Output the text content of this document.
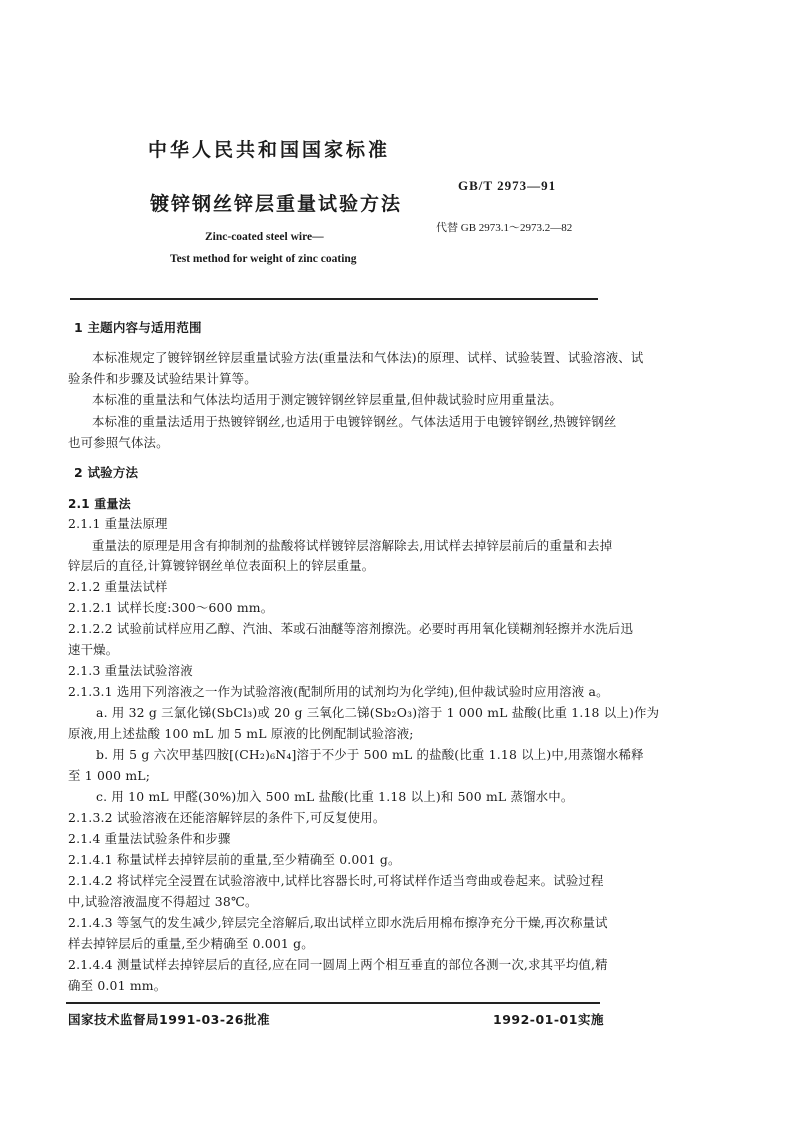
中华人民共和国国家标准
镀锌钢丝锌层重量试验方法
GB/T 2973—91
代替 GB 2973.1～2973.2—82
Zinc-coated steel wire—
Test method for weight of zinc coating
1 主题内容与适用范围
本标准规定了镀锌钢丝锌层重量试验方法(重量法和气体法)的原理、试样、试验装置、试验溶液、试
验条件和步骤及试验结果计算等。
本标准的重量法和气体法均适用于测定镀锌钢丝锌层重量,但仲裁试验时应用重量法。
本标准的重量法适用于热镀锌钢丝,也适用于电镀锌钢丝。气体法适用于电镀锌钢丝,热镀锌钢丝
也可参照气体法。
2 试验方法
2.1 重量法
2.1.1 重量法原理
重量法的原理是用含有抑制剂的盐酸将试样镀锌层溶解除去,用试样去掉锌层前后的重量和去掉
锌层后的直径,计算镀锌钢丝单位表面积上的锌层重量。
2.1.2 重量法试样
2.1.2.1 试样长度:300～600 mm。
2.1.2.2 试验前试样应用乙醇、汽油、苯或石油醚等溶剂擦洗。必要时再用氧化镁糊剂轻擦并水洗后迅
速干燥。
2.1.3 重量法试验溶液
2.1.3.1 选用下列溶液之一作为试验溶液(配制所用的试剂均为化学纯),但仲裁试验时应用溶液 a。
a. 用 32 g 三氯化锑(SbCl₃)或 20 g 三氧化二锑(Sb₂O₃)溶于 1 000 mL 盐酸(比重 1.18 以上)作为
原液,用上述盐酸 100 mL 加 5 mL 原液的比例配制试验溶液;
b. 用 5 g 六次甲基四胺[(CH₂)₆N₄]溶于不少于 500 mL 的盐酸(比重 1.18 以上)中,用蒸馏水稀释
至 1 000 mL;
c. 用 10 mL 甲醛(30%)加入 500 mL 盐酸(比重 1.18 以上)和 500 mL 蒸馏水中。
2.1.3.2 试验溶液在还能溶解锌层的条件下,可反复使用。
2.1.4 重量法试验条件和步骤
2.1.4.1 称量试样去掉锌层前的重量,至少精确至 0.001 g。
2.1.4.2 将试样完全浸置在试验溶液中,试样比容器长时,可将试样作适当弯曲或卷起来。试验过程
中,试验溶液温度不得超过 38℃。
2.1.4.3 等氢气的发生减少,锌层完全溶解后,取出试样立即水洗后用棉布擦净充分干燥,再次称量试
样去掉锌层后的重量,至少精确至 0.001 g。
2.1.4.4 测量试样去掉锌层后的直径,应在同一圆周上两个相互垂直的部位各测一次,求其平均值,精
确至 0.01 mm。
国家技术监督局1991-03-26批准	1992-01-01实施
